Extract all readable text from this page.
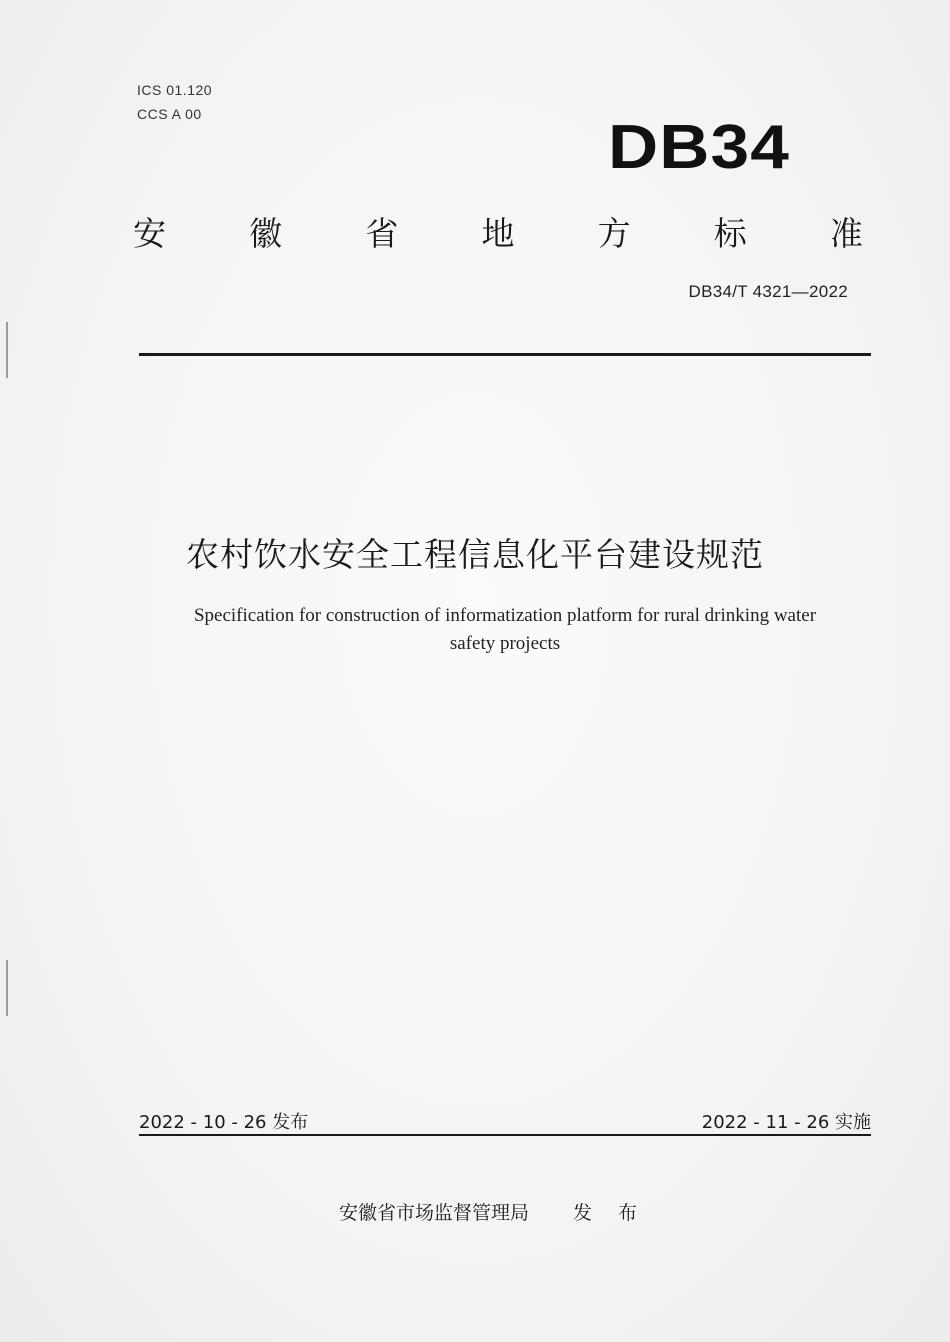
ICS 01.120
CCS A 00	DB34
安	徽	省	地	方	标	准
DB34/T 4321—2022
农村饮水安全工程信息化平台建设规范
Specification for construction of informatization platform for rural drinking water
safety projects
2022 - 10 - 26 发布	2022 - 11 - 26 实施
安徽省市场监督管理局 发 布
